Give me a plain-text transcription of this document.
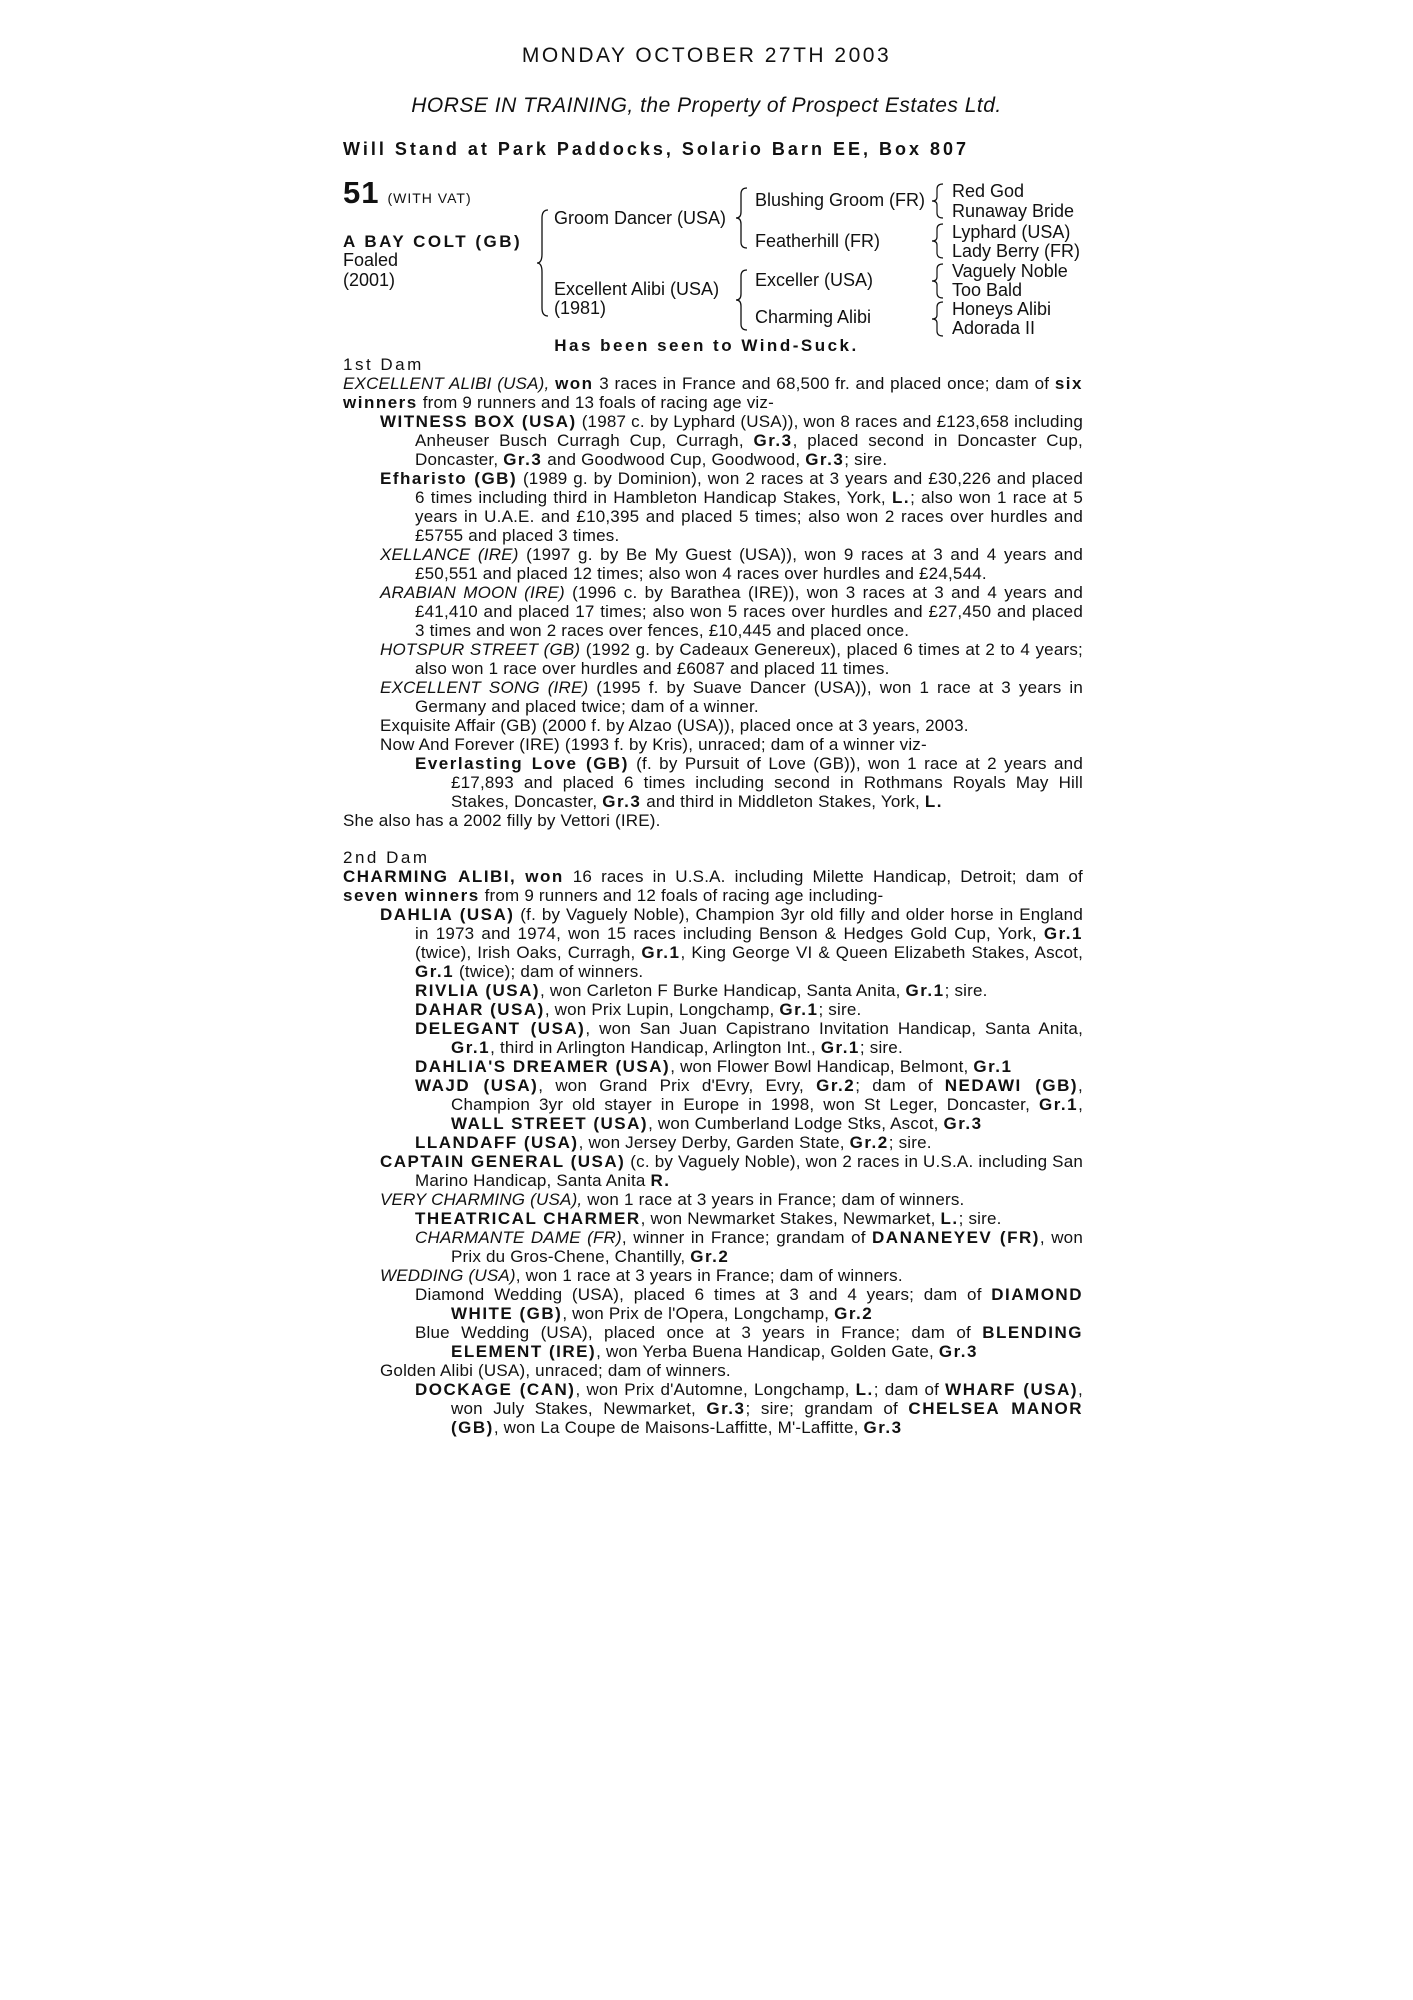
MONDAY OCTOBER 27TH 2003
HORSE IN TRAINING, the Property of Prospect Estates Ltd.
Will Stand at Park Paddocks, Solario Barn EE, Box 807
51 (WITH VAT)
A BAY COLT (GB)
Foaled
(2001)
Groom Dancer (USA)
Excellent Alibi (USA)
(1981)
Blushing Groom (FR)
Featherhill (FR)
Exceller (USA)
Charming Alibi
Red God
Runaway Bride
Lyphard (USA)
Lady Berry (FR)
Vaguely Noble
Too Bald
Honeys Alibi
Adorada II
Has been seen to Wind-Suck.

1st Dam

EXCELLENT ALIBI (USA), won 3 races in France and 68,500 fr. and placed once; dam of six winners from 9 runners and 13 foals of racing age viz-

WITNESS BOX (USA) (1987 c. by Lyphard (USA)), won 8 races and £123,658 including Anheuser Busch Curragh Cup, Curragh, Gr.3, placed second in Doncaster Cup, Doncaster, Gr.3 and Goodwood Cup, Goodwood, Gr.3; sire.

Efharisto (GB) (1989 g. by Dominion), won 2 races at 3 years and £30,226 and placed 6 times including third in Hambleton Handicap Stakes, York, L.; also won 1 race at 5 years in U.A.E. and £10,395 and placed 5 times; also won 2 races over hurdles and £5755 and placed 3 times.

XELLANCE (IRE) (1997 g. by Be My Guest (USA)), won 9 races at 3 and 4 years and £50,551 and placed 12 times; also won 4 races over hurdles and £24,544.

ARABIAN MOON (IRE) (1996 c. by Barathea (IRE)), won 3 races at 3 and 4 years and £41,410 and placed 17 times; also won 5 races over hurdles and £27,450 and placed 3 times and won 2 races over fences, £10,445 and placed once.

HOTSPUR STREET (GB) (1992 g. by Cadeaux Genereux), placed 6 times at 2 to 4 years; also won 1 race over hurdles and £6087 and placed 11 times.

EXCELLENT SONG (IRE) (1995 f. by Suave Dancer (USA)), won 1 race at 3 years in Germany and placed twice; dam of a winner.

Exquisite Affair (GB) (2000 f. by Alzao (USA)), placed once at 3 years, 2003.

Now And Forever (IRE) (1993 f. by Kris), unraced; dam of a winner viz-

Everlasting Love (GB) (f. by Pursuit of Love (GB)), won 1 race at 2 years and £17,893 and placed 6 times including second in Rothmans Royals May Hill Stakes, Doncaster, Gr.3 and third in Middleton Stakes, York, L.

She also has a 2002 filly by Vettori (IRE).

2nd Dam

CHARMING ALIBI, won 16 races in U.S.A. including Milette Handicap, Detroit; dam of seven winners from 9 runners and 12 foals of racing age including-

DAHLIA (USA) (f. by Vaguely Noble), Champion 3yr old filly and older horse in England in 1973 and 1974, won 15 races including Benson & Hedges Gold Cup, York, Gr.1 (twice), Irish Oaks, Curragh, Gr.1, King George VI & Queen Elizabeth Stakes, Ascot, Gr.1 (twice); dam of winners.

RIVLIA (USA), won Carleton F Burke Handicap, Santa Anita, Gr.1; sire.

DAHAR (USA), won Prix Lupin, Longchamp, Gr.1; sire.

DELEGANT (USA), won San Juan Capistrano Invitation Handicap, Santa Anita, Gr.1, third in Arlington Handicap, Arlington Int., Gr.1; sire.

DAHLIA'S DREAMER (USA), won Flower Bowl Handicap, Belmont, Gr.1

WAJD (USA), won Grand Prix d'Evry, Evry, Gr.2; dam of NEDAWI (GB), Champion 3yr old stayer in Europe in 1998, won St Leger, Doncaster, Gr.1, WALL STREET (USA), won Cumberland Lodge Stks, Ascot, Gr.3

LLANDAFF (USA), won Jersey Derby, Garden State, Gr.2; sire.

CAPTAIN GENERAL (USA) (c. by Vaguely Noble), won 2 races in U.S.A. including San Marino Handicap, Santa Anita R.

VERY CHARMING (USA), won 1 race at 3 years in France; dam of winners.

THEATRICAL CHARMER, won Newmarket Stakes, Newmarket, L.; sire.

CHARMANTE DAME (FR), winner in France; grandam of DANANEYEV (FR), won Prix du Gros-Chene, Chantilly, Gr.2

WEDDING (USA), won 1 race at 3 years in France; dam of winners.

Diamond Wedding (USA), placed 6 times at 3 and 4 years; dam of DIAMOND WHITE (GB), won Prix de l'Opera, Longchamp, Gr.2

Blue Wedding (USA), placed once at 3 years in France; dam of BLENDING ELEMENT (IRE), won Yerba Buena Handicap, Golden Gate, Gr.3

Golden Alibi (USA), unraced; dam of winners.

DOCKAGE (CAN), won Prix d'Automne, Longchamp, L.; dam of WHARF (USA), won July Stakes, Newmarket, Gr.3; sire; grandam of CHELSEA MANOR (GB), won La Coupe de Maisons-Laffitte, M'-Laffitte, Gr.3
